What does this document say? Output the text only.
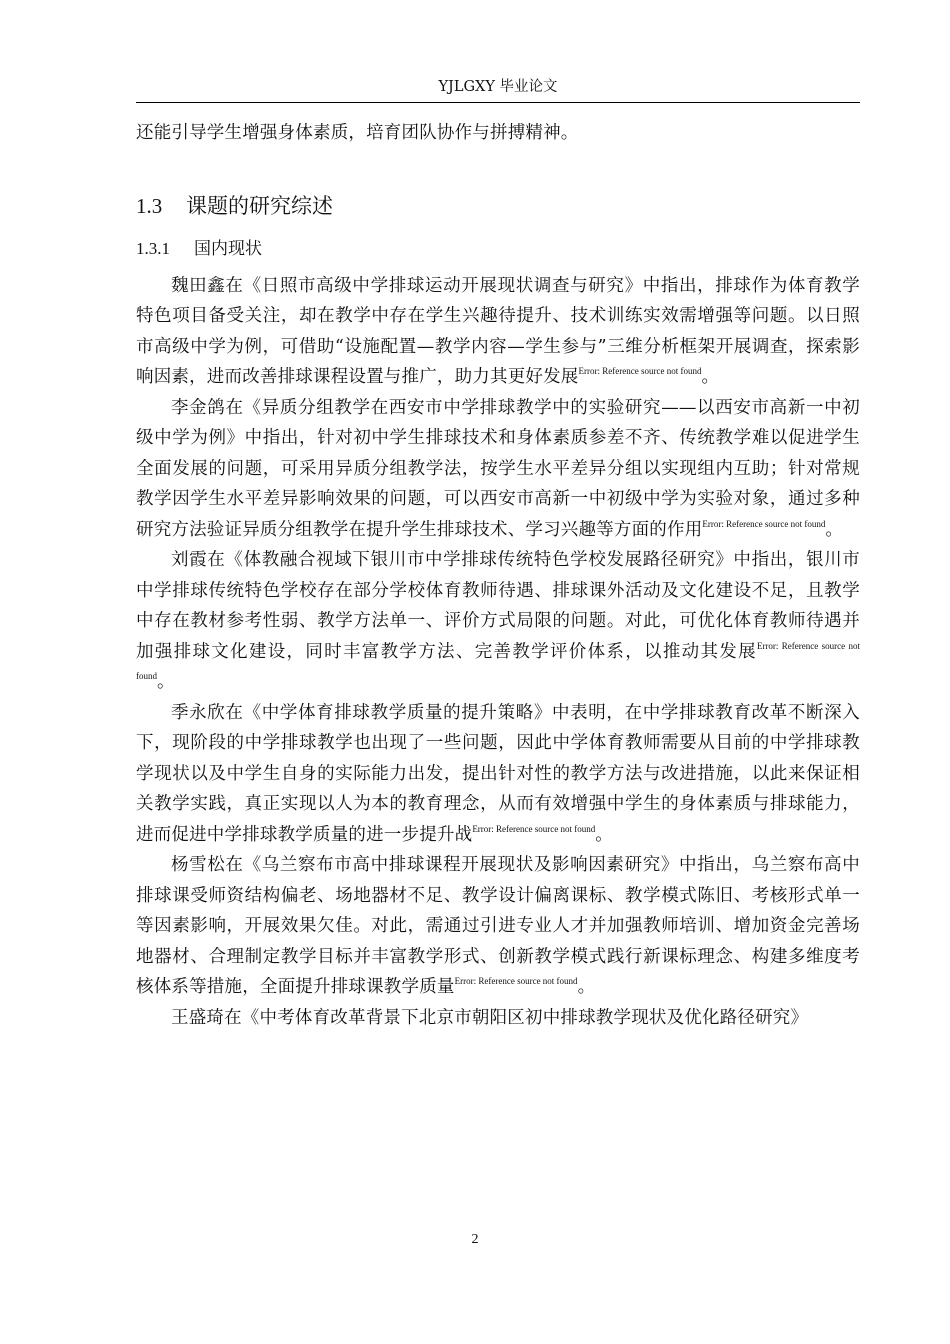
YJLGXY 毕业论文

还能引导学生增强身体素质，培育团队协作与拼搏精神。

1.3 课题的研究综述
1.3.1 国内现状

魏田鑫在《日照市高级中学排球运动开展现状调查与研究》中指出，排球作为体育教学特色项目备受关注，却在教学中存在学生兴趣待提升、技术训练实效需增强等问题。以日照市高级中学为例，可借助“设施配置—教学内容—学生参与”三维分析框架开展调查，探索影响因素，进而改善排球课程设置与推广，助力其更好发展$^{Error: Reference source not found}$。

李金鸽在《异质分组教学在西安市中学排球教学中的实验研究——以西安市高新一中初级中学为例》中指出，针对初中学生排球技术和身体素质参差不齐、传统教学难以促进学生全面发展的问题，可采用异质分组教学法，按学生水平差异分组以实现组内互助；针对常规教学因学生水平差异影响效果的问题，可以西安市高新一中初级中学为实验对象，通过多种研究方法验证异质分组教学在提升学生排球技术、学习兴趣等方面的作用$^{Error: Reference source not found}$。

刘霞在《体教融合视域下银川市中学排球传统特色学校发展路径研究》中指出，银川市中学排球传统特色学校存在部分学校体育教师待遇、排球课外活动及文化建设不足，且教学中存在教材参考性弱、教学方法单一、评价方式局限的问题。对此，可优化体育教师待遇并加强排球文化建设，同时丰富教学方法、完善教学评价体系，以推动其发展$^{Error: Reference source not found}$。

季永欣在《中学体育排球教学质量的提升策略》中表明，在中学排球教育改革不断深入下，现阶段的中学排球教学也出现了一些问题，因此中学体育教师需要从目前的中学排球教学现状以及中学生自身的实际能力出发，提出针对性的教学方法与改进措施，以此来保证相关教学实践，真正实现以人为本的教育理念，从而有效增强中学生的身体素质与排球能力，进而促进中学排球教学质量的进一步提升战$^{Error: Reference source not found}$。

杨雪松在《乌兰察布市高中排球课程开展现状及影响因素研究》中指出，乌兰察布高中排球课受师资结构偏老、场地器材不足、教学设计偏离课标、教学模式陈旧、考核形式单一等因素影响，开展效果欠佳。对此，需通过引进专业人才并加强教师培训、增加资金完善场地器材、合理制定教学目标并丰富教学形式、创新教学模式践行新课标理念、构建多维度考核体系等措施，全面提升排球课教学质量$^{Error: Reference source not found}$。

王盛琦在《中考体育改革背景下北京市朝阳区初中排球教学现状及优化路径研究》

2
